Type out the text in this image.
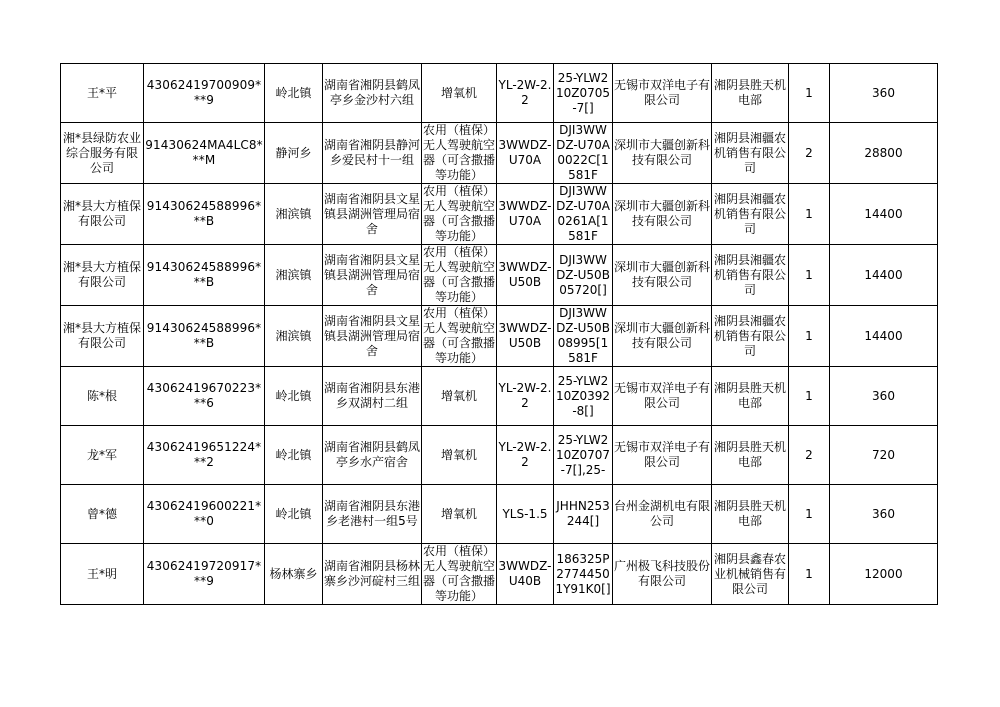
王*平	43062419700909***9	岭北镇	湖南省湘阴县鹤凤亭乡金沙村六组	增氧机	YL-2W-2.2	25-YLW210Z0705-7[]	无锡市双洋电子有限公司	湘阴县胜天机电部	1	360

湘*县绿防农业综合服务有限公司	91430624MA4LC8***M	静河乡	湖南省湘阴县静河乡爱民村十一组	农用（植保）无人驾驶航空器（可含撒播等功能）	3WWDZ-U70A	DJI3WWDZ-U70A0022C[1581F	深圳市大疆创新科技有限公司	湘阴县湘疆农机销售有限公司	2	28800

湘*县大方植保有限公司	91430624588996***B	湘滨镇	湖南省湘阴县文星镇县湖洲管理局宿舍	农用（植保）无人驾驶航空器（可含撒播等功能）	3WWDZ-U70A	DJI3WWDZ-U70A0261A[1581F	深圳市大疆创新科技有限公司	湘阴县湘疆农机销售有限公司	1	14400

湘*县大方植保有限公司	91430624588996***B	湘滨镇	湖南省湘阴县文星镇县湖洲管理局宿舍	农用（植保）无人驾驶航空器（可含撒播等功能）	3WWDZ-U50B	DJI3WWDZ-U50B05720[]	深圳市大疆创新科技有限公司	湘阴县湘疆农机销售有限公司	1	14400

湘*县大方植保有限公司	91430624588996***B	湘滨镇	湖南省湘阴县文星镇县湖洲管理局宿舍	农用（植保）无人驾驶航空器（可含撒播等功能）	3WWDZ-U50B	DJI3WWDZ-U50B08995[1581F	深圳市大疆创新科技有限公司	湘阴县湘疆农机销售有限公司	1	14400

陈*根	43062419670223***6	岭北镇	湖南省湘阴县东港乡双湖村二组	增氧机	YL-2W-2.2	25-YLW210Z0392-8[]	无锡市双洋电子有限公司	湘阴县胜天机电部	1	360

龙*军	43062419651224***2	岭北镇	湖南省湘阴县鹤凤亭乡水产宿舍	增氧机	YL-2W-2.2	25-YLW210Z0707-7[],25-	无锡市双洋电子有限公司	湘阴县胜天机电部	2	720

曾*德	43062419600221***0	岭北镇	湖南省湘阴县东港乡老港村一组5号	增氧机	YLS-1.5	JHHN253244[]	台州金湖机电有限公司	湘阴县胜天机电部	1	360

王*明	43062419720917***9	杨林寨乡	湖南省湘阴县杨林寨乡沙河碇村三组	农用（植保）无人驾驶航空器（可含撒播等功能）	3WWDZ-U40B	186325P27744501Y91K0[]	广州极飞科技股份有限公司	湘阴县鑫春农业机械销售有限公司	1	12000
